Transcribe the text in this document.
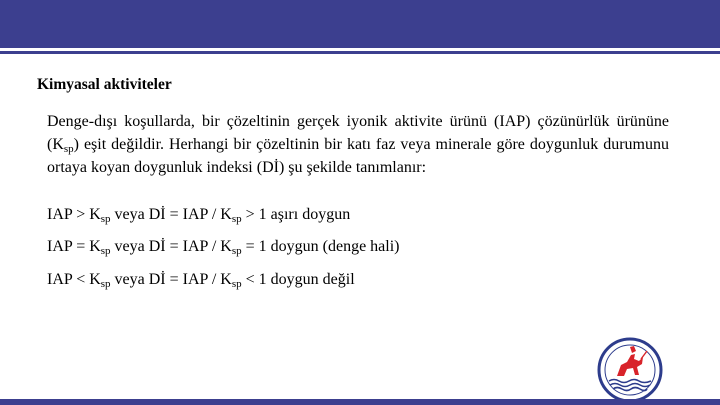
Kimyasal aktiviteler

Denge-dışı koşullarda, bir çözeltinin gerçek iyonik aktivite ürünü (IAP) çözünürlük ürününe $(K_{sp})$ eşit değildir. Herhangi bir çözeltinin bir katı faz veya minerale göre doygunluk durumunu ortaya koyan doygunluk indeksi (Dİ) şu şekilde tanımlanır:

IAP > $K_{sp}$ veya Dİ = IAP / $K_{sp} > 1$ aşırı doygun

IAP = $K_{sp}$ veya Dİ = IAP / $K_{sp} = 1$ doygun (denge hali)

IAP < $K_{sp}$ veya Dİ = IAP / $K_{sp} < 1$ doygun değil
